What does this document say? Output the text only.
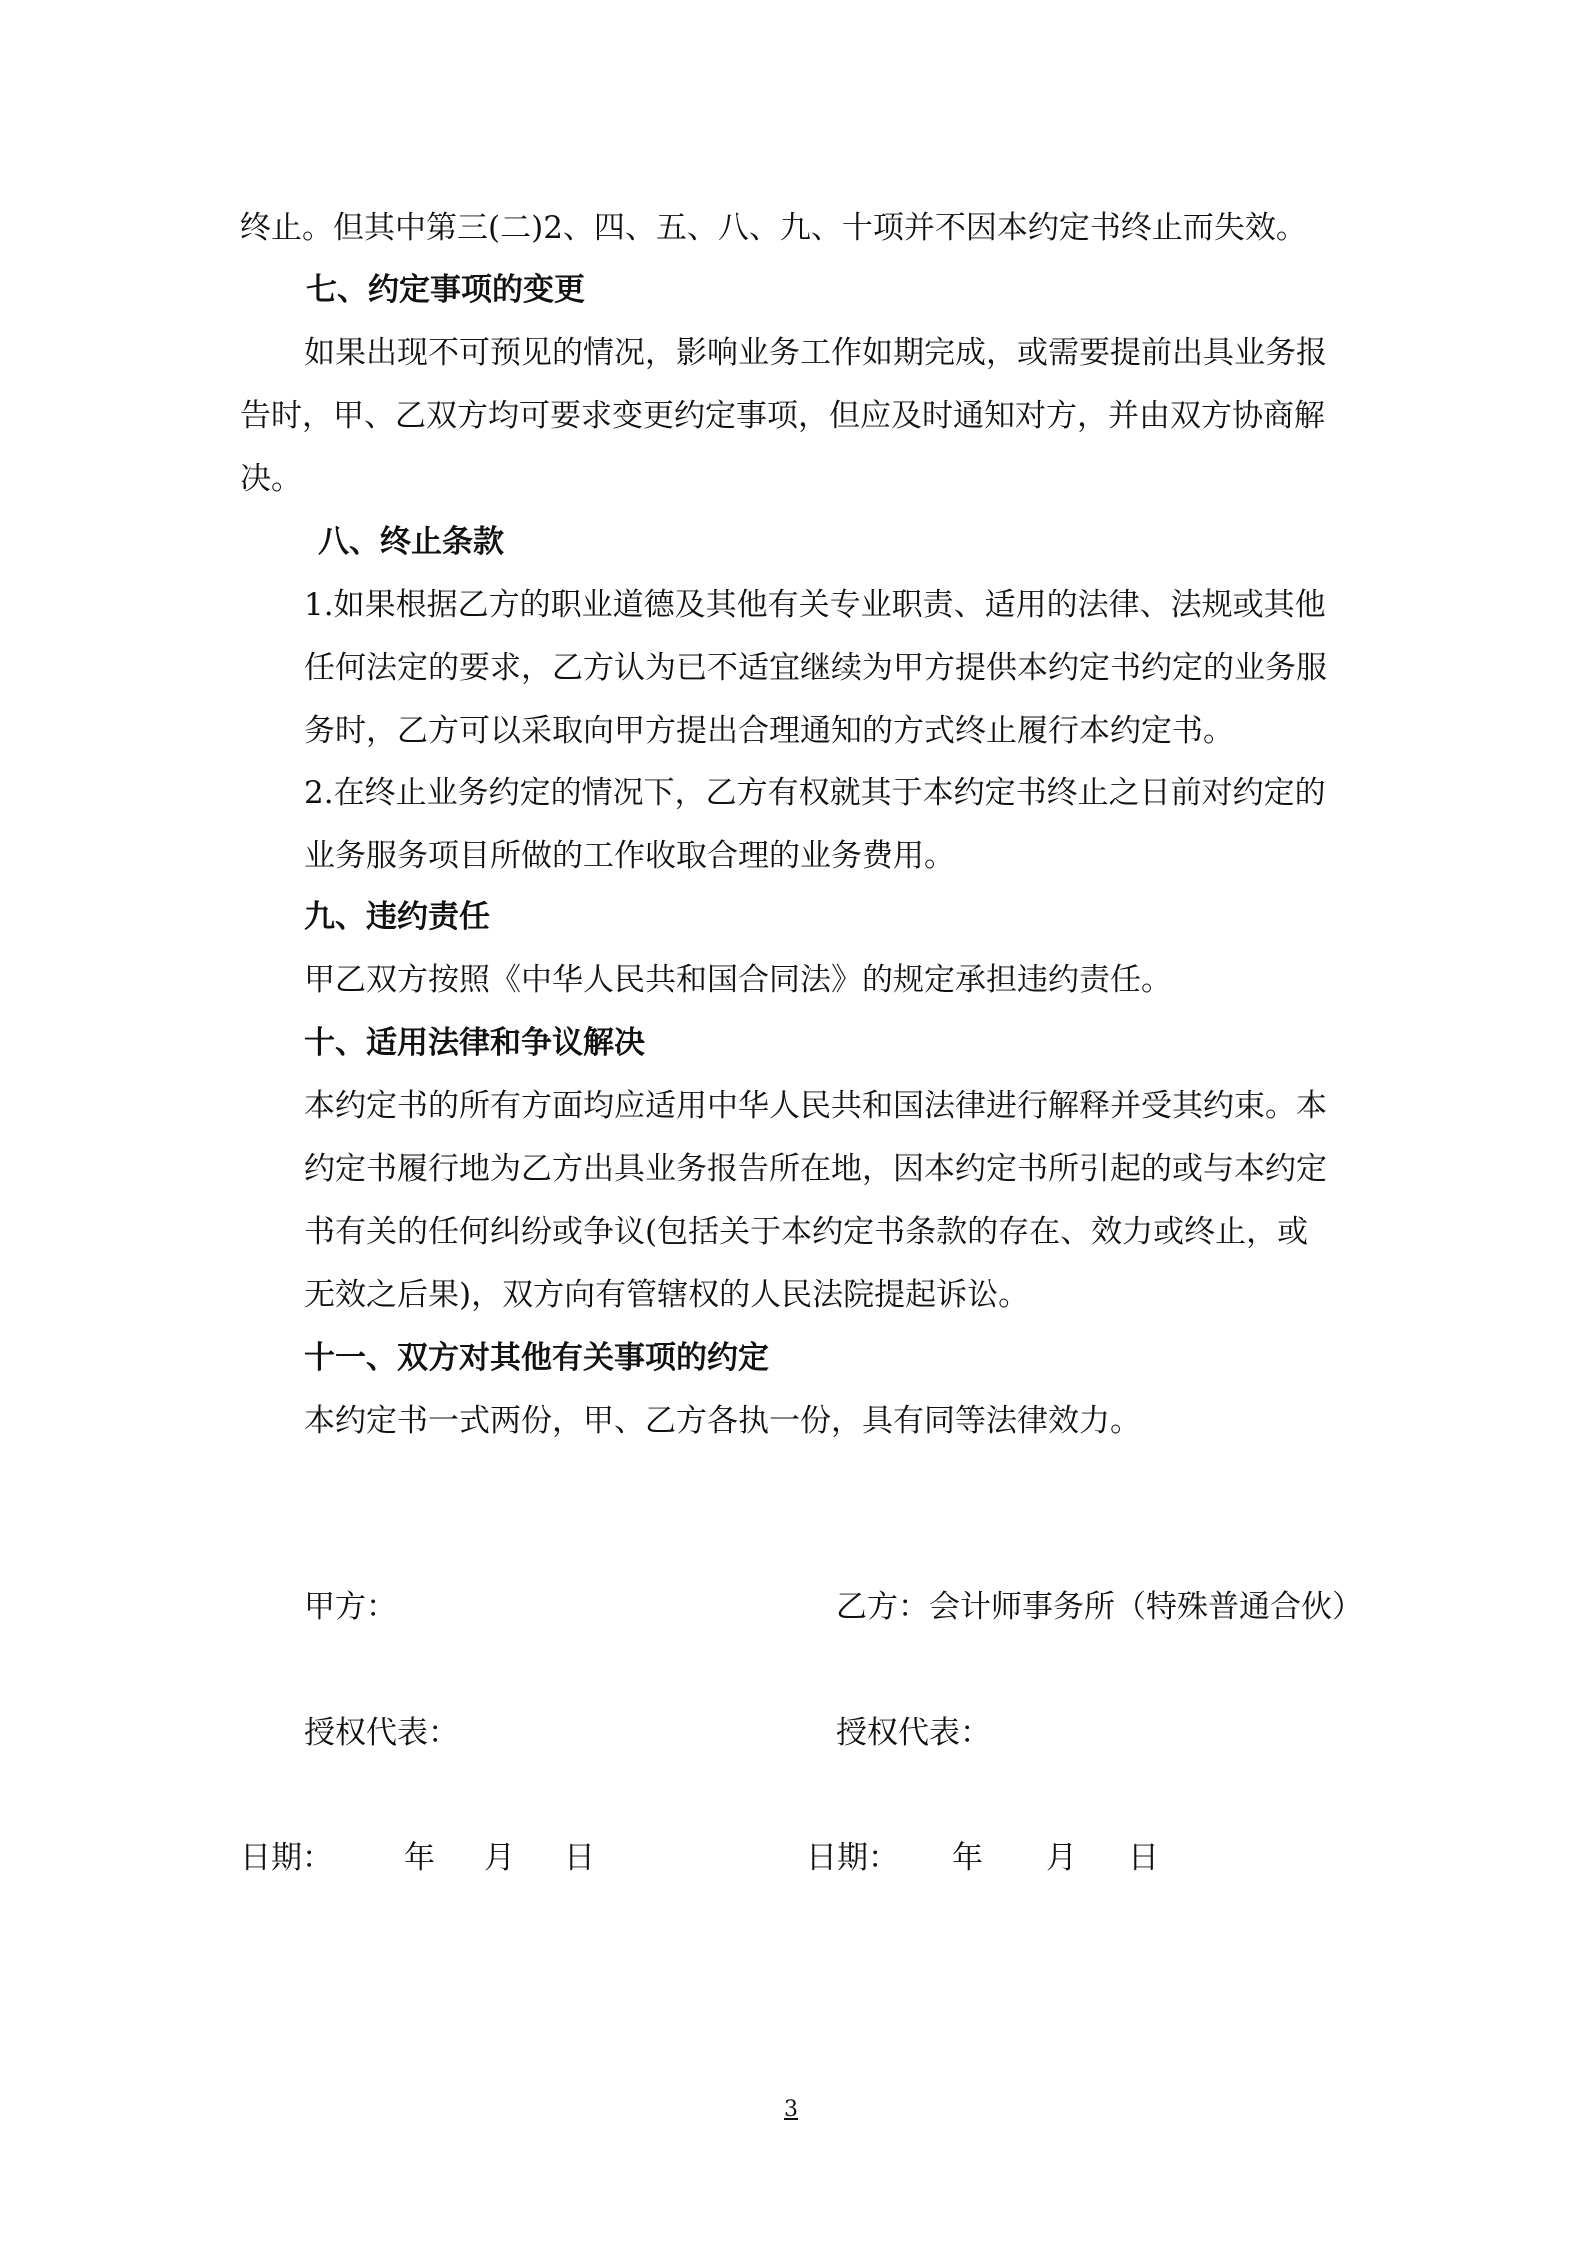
终止。但其中第三(二)2、四、五、八、九、十项并不因本约定书终止而失效。

七、约定事项的变更

如果出现不可预见的情况，影响业务工作如期完成，或需要提前出具业务报

告时，甲、乙双方均可要求变更约定事项，但应及时通知对方，并由双方协商解

决。

八、终止条款

1.如果根据乙方的职业道德及其他有关专业职责、适用的法律、法规或其他

任何法定的要求，乙方认为已不适宜继续为甲方提供本约定书约定的业务服

务时，乙方可以采取向甲方提出合理通知的方式终止履行本约定书。

2.在终止业务约定的情况下，乙方有权就其于本约定书终止之日前对约定的

业务服务项目所做的工作收取合理的业务费用。

九、违约责任

甲乙双方按照《中华人民共和国合同法》的规定承担违约责任。

十、适用法律和争议解决

本约定书的所有方面均应适用中华人民共和国法律进行解释并受其约束。本

约定书履行地为乙方出具业务报告所在地，因本约定书所引起的或与本约定

书有关的任何纠纷或争议(包括关于本约定书条款的存在、效力或终止，或

无效之后果)，双方向有管辖权的人民法院提起诉讼。

十一、双方对其他有关事项的约定

本约定书一式两份，甲、乙方各执一份，具有同等法律效力。

甲方：	乙方：会计师事务所（特殊普通合伙）

授权代表：	授权代表：

日期： 年 月 日	日期： 年 月 日

3
